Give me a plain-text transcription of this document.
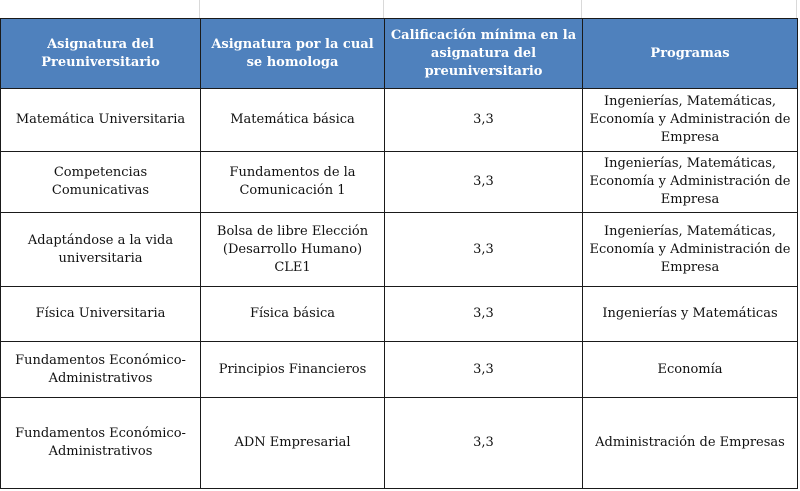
Asignatura del Preuniversitario	Asignatura por la cual se homologa	Calificación mínima en la asignatura del preuniversitario	Programas
Matemática Universitaria	Matemática básica	3,3	Ingenierías, Matemáticas, Economía y Administración de Empresa
Competencias Comunicativas	Fundamentos de la Comunicación 1	3,3	Ingenierías, Matemáticas, Economía y Administración de Empresa
Adaptándose a la vida universitaria	Bolsa de libre Elección (Desarrollo Humano) CLE1	3,3	Ingenierías, Matemáticas, Economía y Administración de Empresa
Física Universitaria	Física básica	3,3	Ingenierías y Matemáticas
Fundamentos Económico-Administrativos	Principios Financieros	3,3	Economía
Fundamentos Económico-Administrativos	ADN Empresarial	3,3	Administración de Empresas
